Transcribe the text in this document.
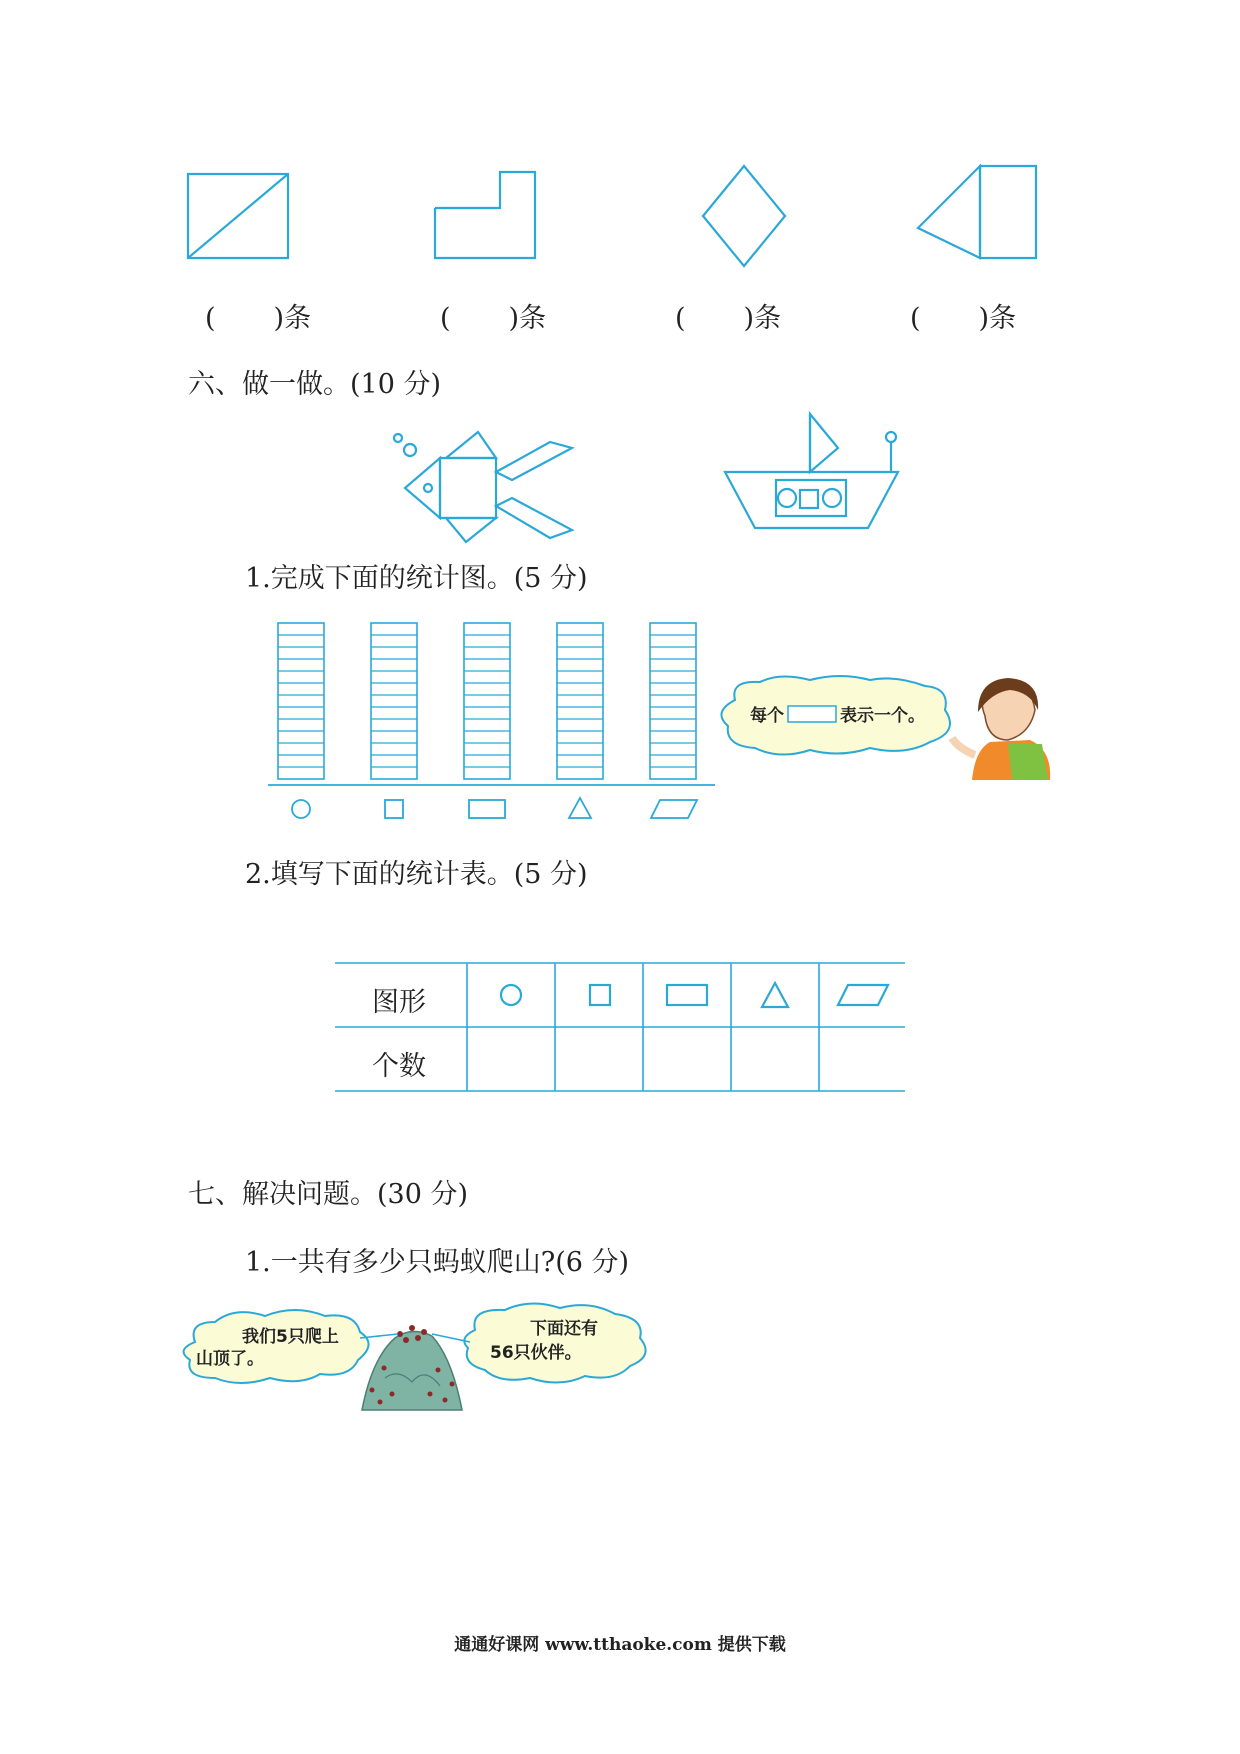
( )条	( )条	( )条	( )条
六、做一做。(10 分)
1.完成下面的统计图。(5 分)
每个	表示一个。
2.填写下面的统计表。(5 分)
图形
个数
七、解决问题。(30 分)
1.一共有多少只蚂蚁爬山?(6 分)
我们5只爬上
山顶了。
下面还有
56只伙伴。
通通好课网 www.tthaoke.com 提供下载
